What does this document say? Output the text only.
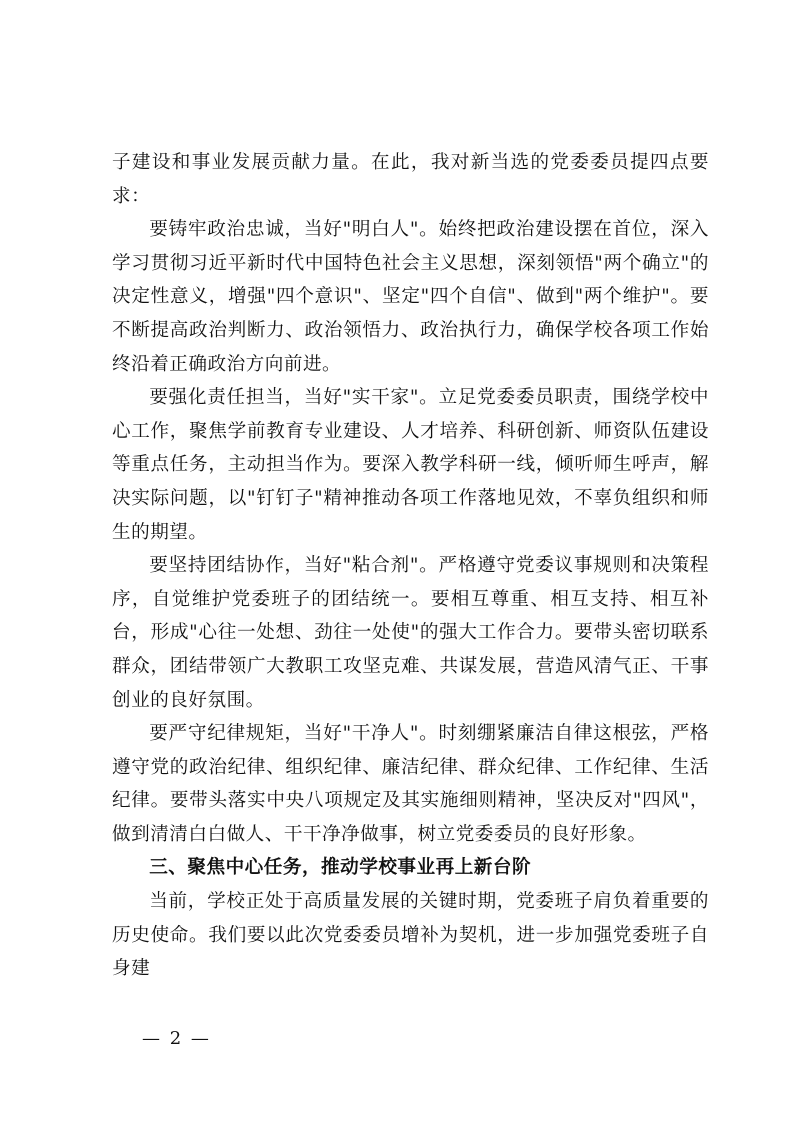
子建设和事业发展贡献力量。在此，我对新当选的党委委员提四点要求：

要铸牢政治忠诚，当好"明白人"。始终把政治建设摆在首位，深入学习贯彻习近平新时代中国特色社会主义思想，深刻领悟"两个确立"的决定性意义，增强"四个意识"、坚定"四个自信"、做到"两个维护"。要不断提高政治判断力、政治领悟力、政治执行力，确保学校各项工作始终沿着正确政治方向前进。

要强化责任担当，当好"实干家"。立足党委委员职责，围绕学校中心工作，聚焦学前教育专业建设、人才培养、科研创新、师资队伍建设等重点任务，主动担当作为。要深入教学科研一线，倾听师生呼声，解决实际问题，以"钉钉子"精神推动各项工作落地见效，不辜负组织和师生的期望。

要坚持团结协作，当好"粘合剂"。严格遵守党委议事规则和决策程序，自觉维护党委班子的团结统一。要相互尊重、相互支持、相互补台，形成"心往一处想、劲往一处使"的强大工作合力。要带头密切联系群众，团结带领广大教职工攻坚克难、共谋发展，营造风清气正、干事创业的良好氛围。

要严守纪律规矩，当好"干净人"。时刻绷紧廉洁自律这根弦，严格遵守党的政治纪律、组织纪律、廉洁纪律、群众纪律、工作纪律、生活纪律。要带头落实中央八项规定及其实施细则精神，坚决反对"四风"，做到清清白白做人、干干净净做事，树立党委委员的良好形象。

三、聚焦中心任务，推动学校事业再上新台阶

当前，学校正处于高质量发展的关键时期，党委班子肩负着重要的历史使命。我们要以此次党委委员增补为契机，进一步加强党委班子自身建

— 2 —
